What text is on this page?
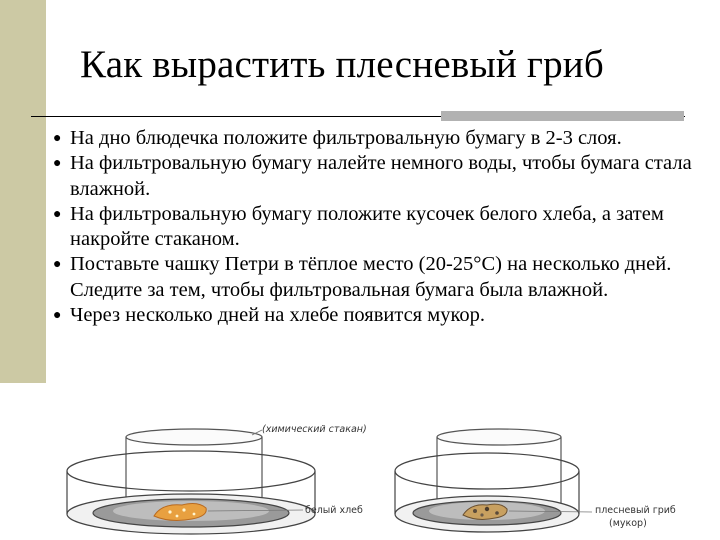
Как вырастить плесневый гриб
● На дно блюдечка положите фильтровальную бумагу в 2-3 слоя.
● На фильтровальную бумагу налейте немного воды, чтобы бумага стала влажной.
● На фильтровальную бумагу положите кусочек белого хлеба, а затем накройте стаканом.
● Поставьте чашку Петри в тёплое место (20-25°С) на несколько дней. Следите за тем, чтобы фильтровальная бумага была влажной.
● Через несколько дней на хлебе появится мукор.
(химический стакан)
белый хлеб	плесневый гриб
(мукор)
